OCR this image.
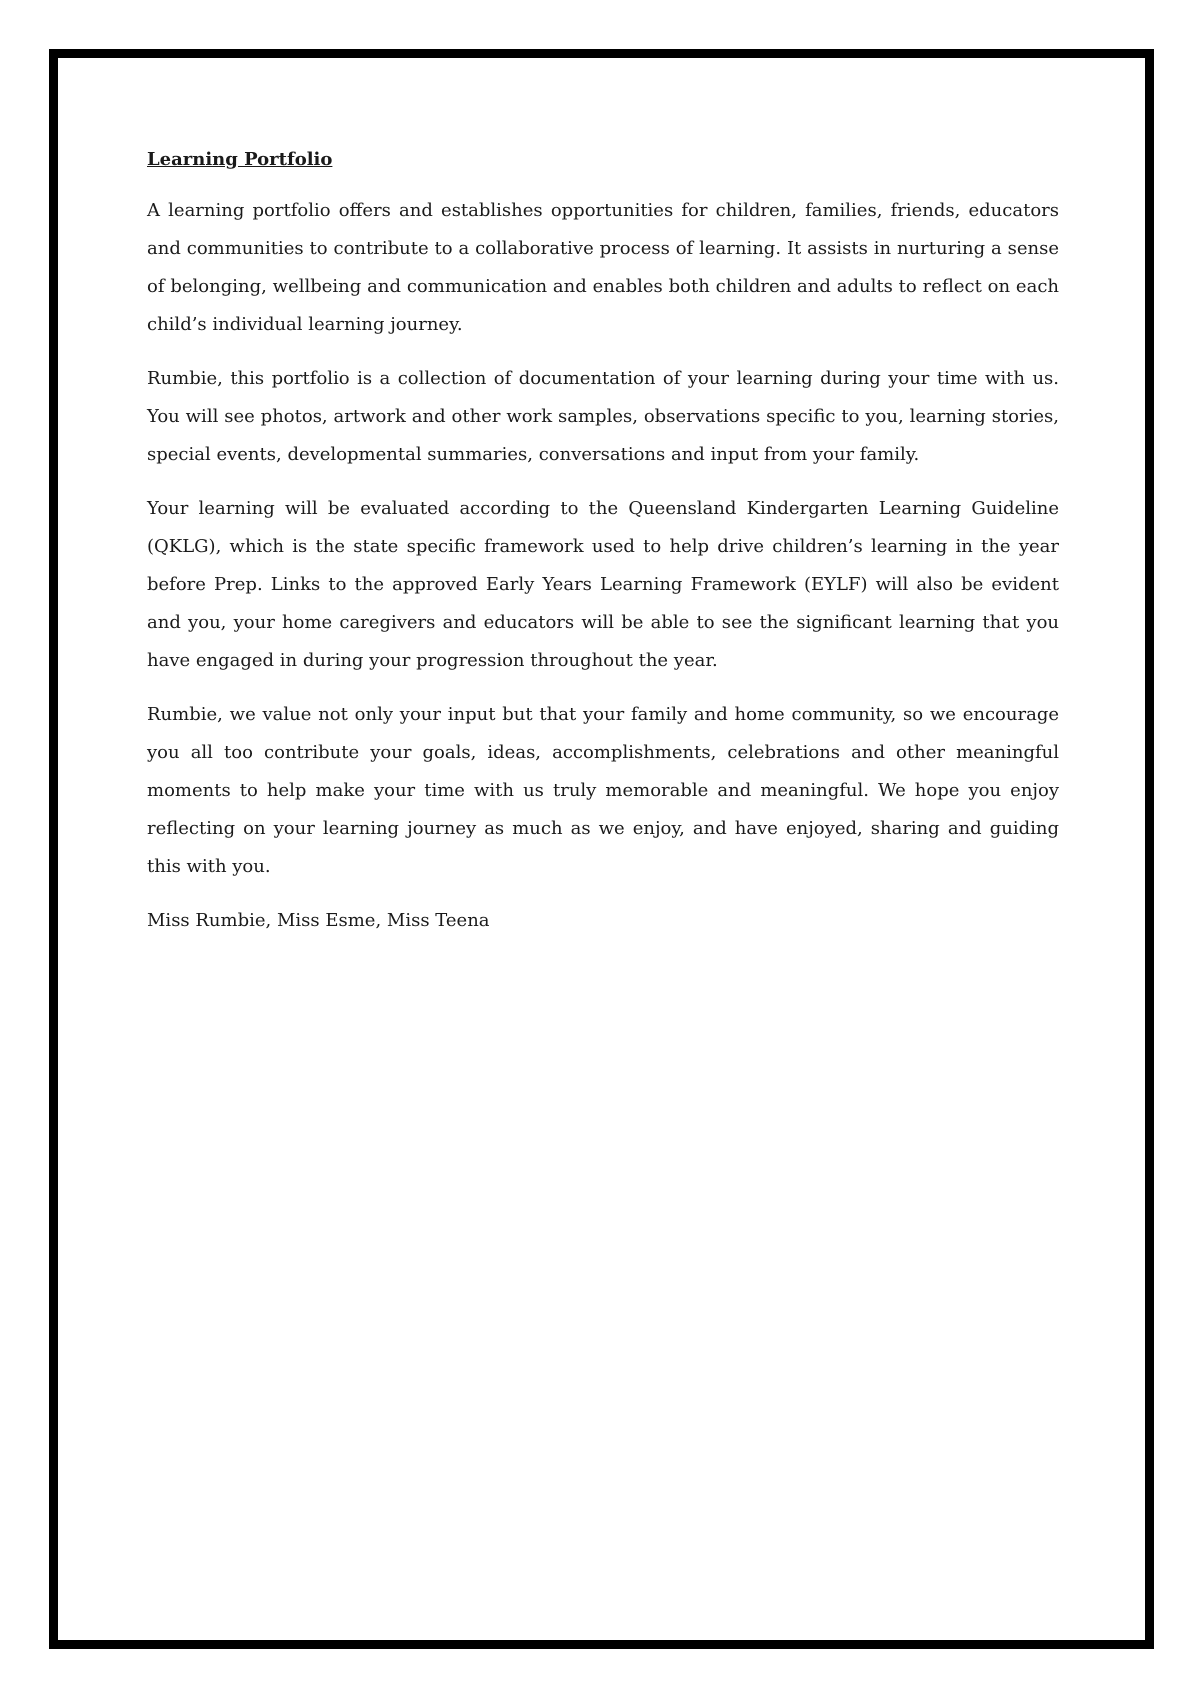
Learning Portfolio

A learning portfolio offers and establishes opportunities for children, families, friends, educators and communities to contribute to a collaborative process of learning. It assists in nurturing a sense of belonging, wellbeing and communication and enables both children and adults to reflect on each child’s individual learning journey.

Rumbie, this portfolio is a collection of documentation of your learning during your time with us. You will see photos, artwork and other work samples, observations specific to you, learning stories, special events, developmental summaries, conversations and input from your family.

Your learning will be evaluated according to the Queensland Kindergarten Learning Guideline (QKLG), which is the state specific framework used to help drive children’s learning in the year before Prep. Links to the approved Early Years Learning Framework (EYLF) will also be evident and you, your home caregivers and educators will be able to see the significant learning that you have engaged in during your progression throughout the year.

Rumbie, we value not only your input but that your family and home community, so we encourage you all too contribute your goals, ideas, accomplishments, celebrations and other meaningful moments to help make your time with us truly memorable and meaningful. We hope you enjoy reflecting on your learning journey as much as we enjoy, and have enjoyed, sharing and guiding this with you.

Miss Rumbie, Miss Esme, Miss Teena
